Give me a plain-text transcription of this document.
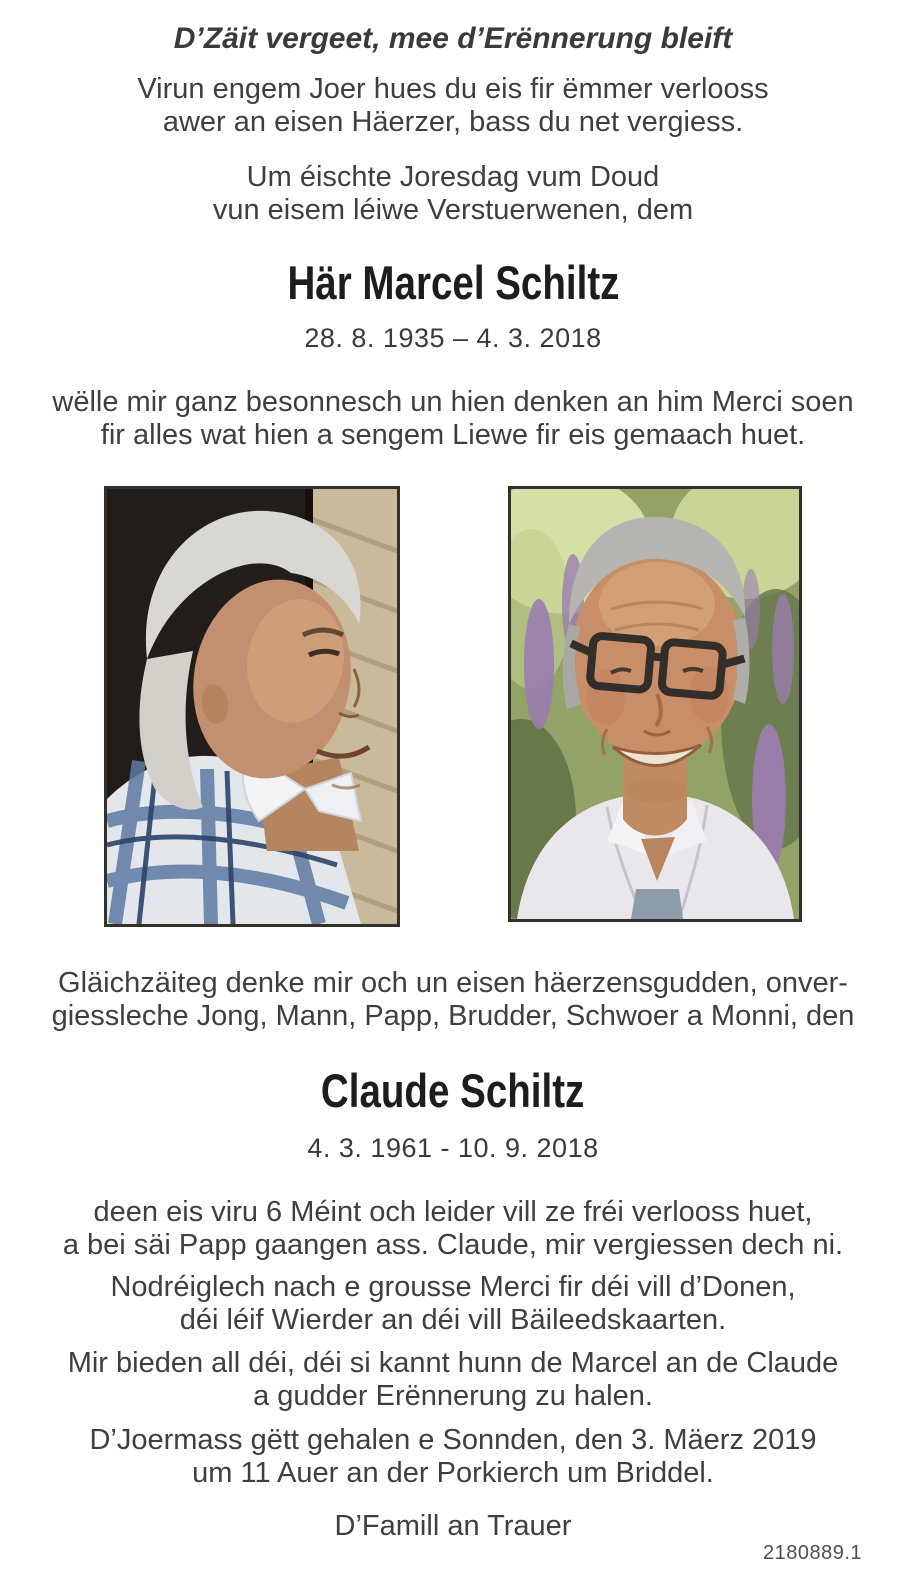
D’Zäit vergeet, mee d’Erënnerung bleift

Virun engem Joer hues du eis fir ëmmer verlooss
awer an eisen Häerzer, bass du net vergiess.

Um éischte Joresdag vum Doud
vun eisem léiwe Verstuerwenen, dem

Här Marcel Schiltz

28. 8. 1935 – 4. 3. 2018

wëlle mir ganz besonnesch un hien denken an him Merci soen
fir alles wat hien a sengem Liewe fir eis gemaach huet.

Gläichzäiteg denke mir och un eisen häerzensgudden, onver-
giessleche Jong, Mann, Papp, Brudder, Schwoer a Monni, den

Claude Schiltz

4. 3. 1961 - 10. 9. 2018

deen eis viru 6 Méint och leider vill ze fréi verlooss huet,
a bei säi Papp gaangen ass. Claude, mir vergiessen dech ni.

Nodréiglech nach e grousse Merci fir déi vill d’Donen,
déi léif Wierder an déi vill Bäileedskaarten.

Mir bieden all déi, déi si kannt hunn de Marcel an de Claude
a gudder Erënnerung zu halen.

D’Joermass gëtt gehalen e Sonnden, den 3. Mäerz 2019
um 11 Auer an der Porkierch um Briddel.

D’Famill an Trauer

2180889.1
